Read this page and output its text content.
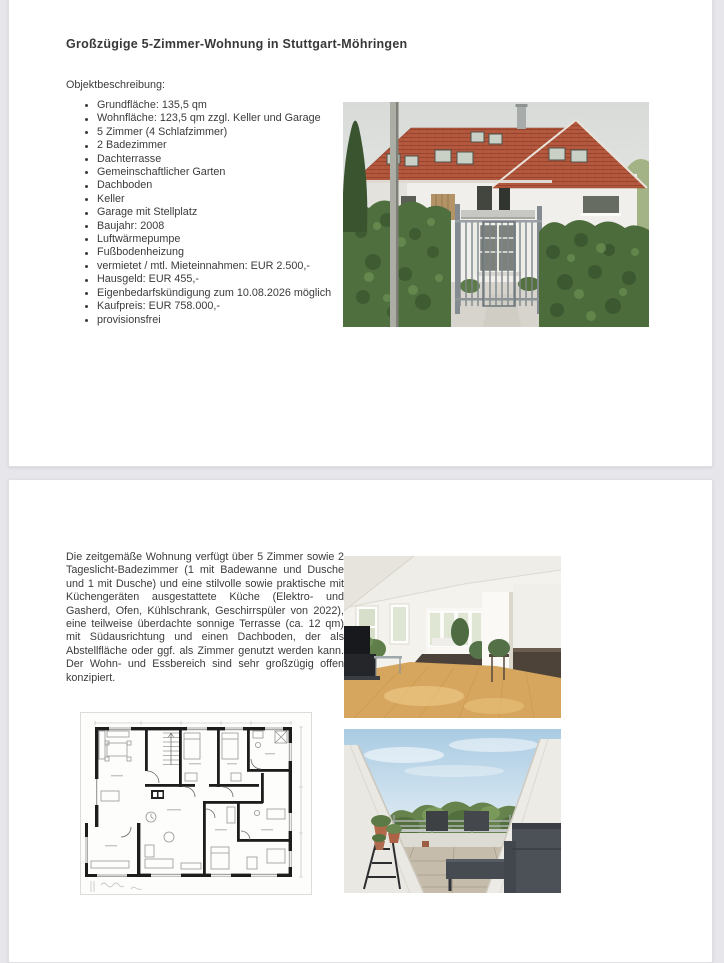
Großzügige 5-Zimmer-Wohnung in Stuttgart-Möhringen
Objektbeschreibung:
Grundfläche: 135,5 qm
Wohnfläche: 123,5 qm zzgl. Keller und Garage
5 Zimmer (4 Schlafzimmer)
2 Badezimmer
Dachterrasse
Gemeinschaftlicher Garten
Dachboden
Keller
Garage mit Stellplatz
Baujahr: 2008
Luftwärmepumpe
Fußbodenheizung
vermietet / mtl. Mieteinnahmen: EUR 2.500,-
Hausgeld: EUR 455,-
Eigenbedarfskündigung zum 10.08.2026 möglich
Kaufpreis: EUR 758.000,-
provisionsfrei
Die zeitgemäße Wohnung verfügt über 5 Zimmer sowie 2 Tageslicht-Badezimmer (1 mit Badewanne und Dusche und 1 mit Dusche) und eine stilvolle sowie praktische mit Küchengeräten ausgestattete Küche (Elektro- und Gasherd, Ofen, Kühlschrank, Geschirrspüler von 2022), eine teilweise überdachte sonnige Terrasse (ca. 12 qm) mit Südausrichtung und einen Dachboden, der als Abstellfläche oder ggf. als Zimmer genutzt werden kann. Der Wohn- und Essbereich sind sehr großzügig offen konzipiert.
